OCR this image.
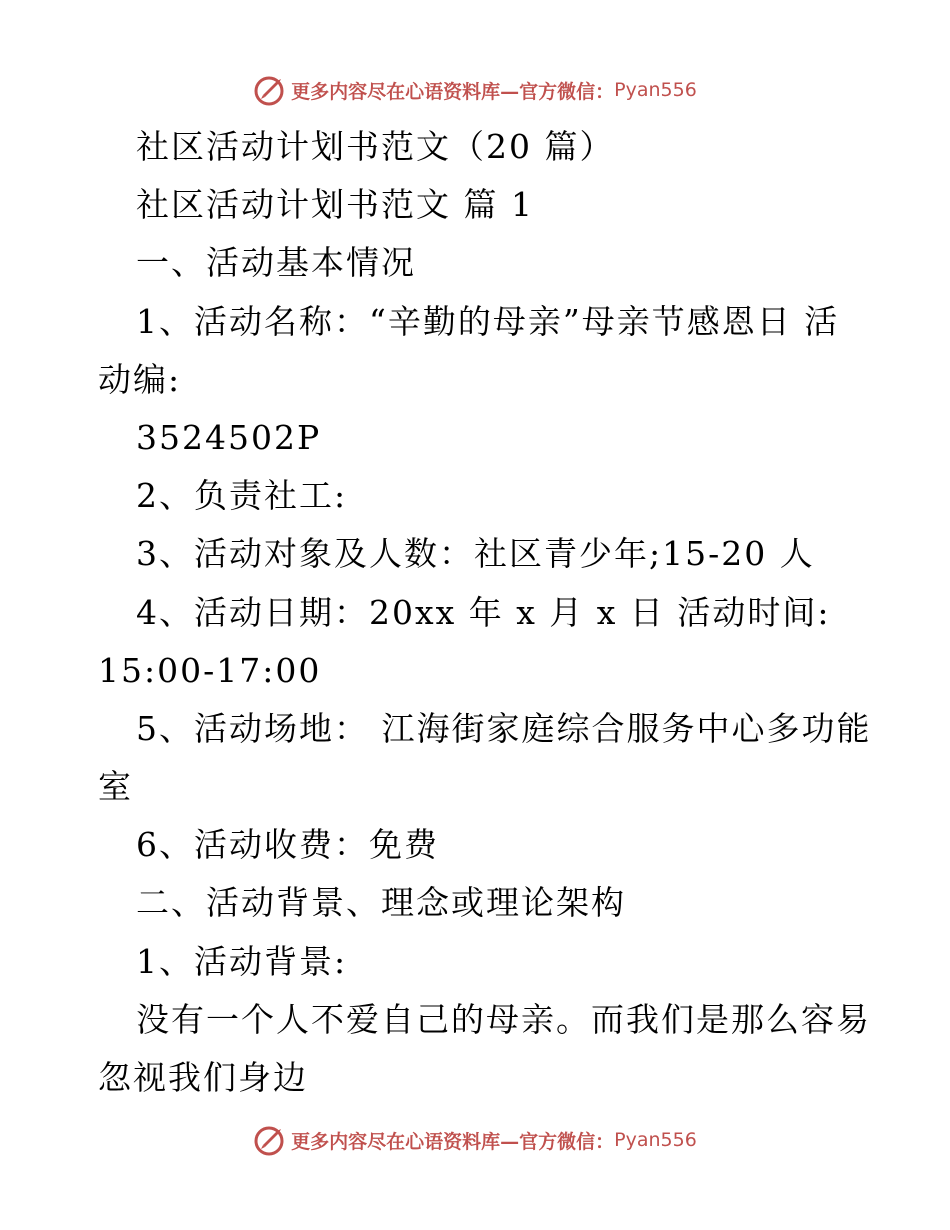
更多内容尽在心语资料库—官方微信： Pyan556
社区活动计划书范文（20 篇）
社区活动计划书范文 篇 1
一、活动基本情况
1、活动名称：“辛勤的母亲”母亲节感恩日 活
动编:
3524502P
2、负责社工:
3、活动对象及人数：社区青少年;15-20 人
4、活动日期：20xx 年 x 月 x 日 活动时间:
15:00-17:00
5、活动场地： 江海街家庭综合服务中心多功能
室
6、活动收费：免费
二、活动背景、理念或理论架构
1、活动背景:
没有一个人不爱自己的母亲。而我们是那么容易
忽视我们身边
更多内容尽在心语资料库—官方微信： Pyan556
